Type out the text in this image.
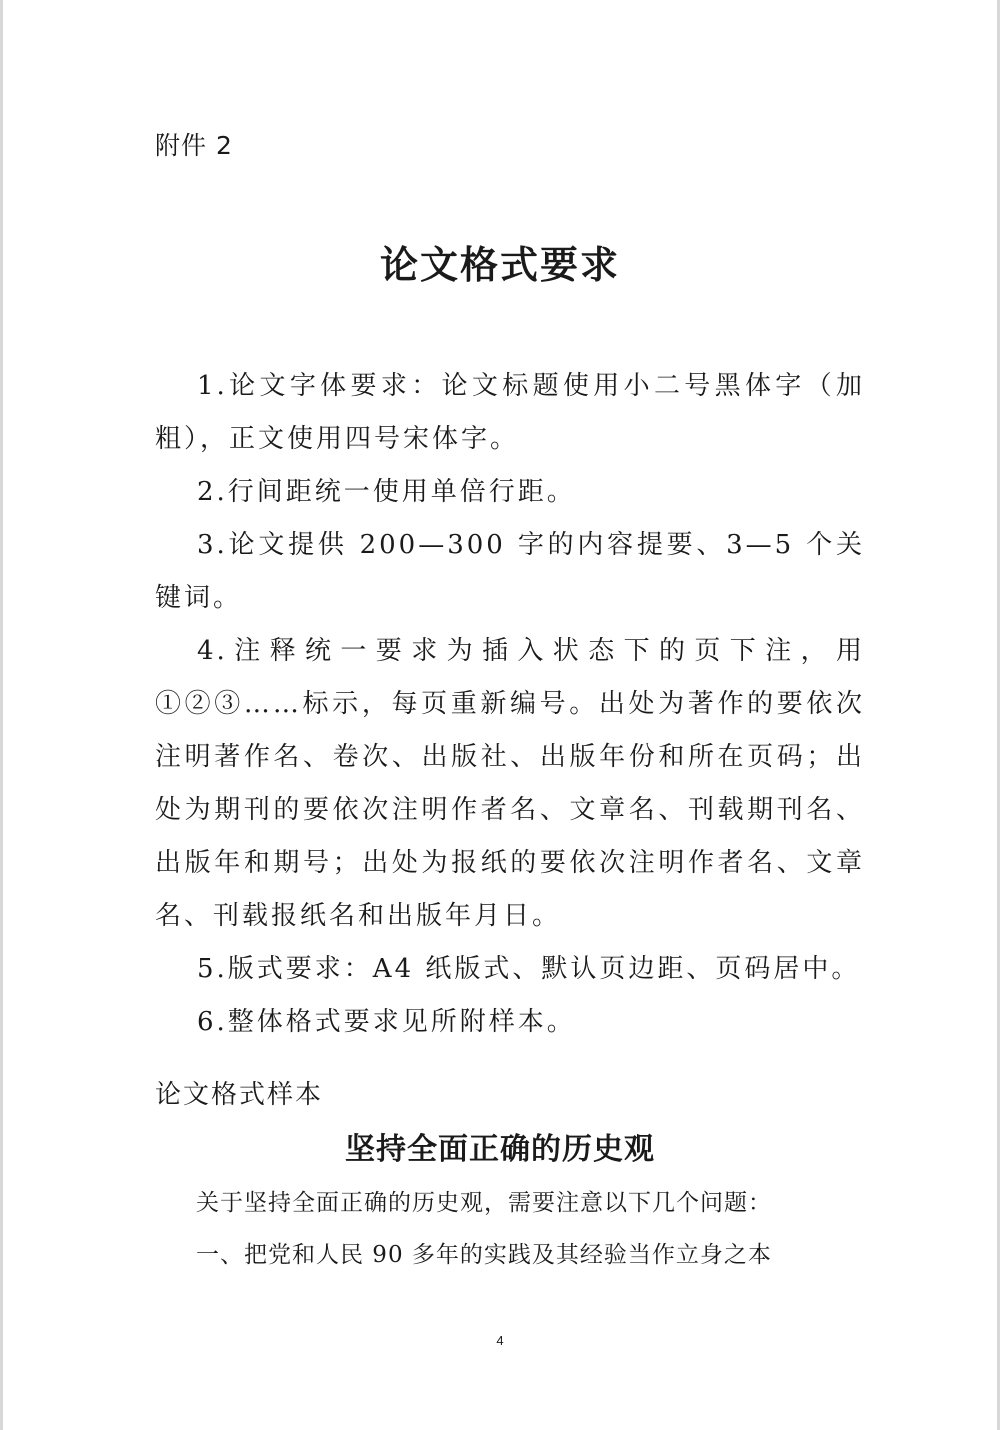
附件 2
论文格式要求

1.论文字体要求：论文标题使用小二号黑体字（加粗），正文使用四号宋体字。

2.行间距统一使用单倍行距。

3.论文提供 200—300 字的内容提要、3—5 个关键词。

4.注释统一要求为插入状态下的页下注，用①②③……标示，每页重新编号。出处为著作的要依次注明著作名、卷次、出版社、出版年份和所在页码；出处为期刊的要依次注明作者名、文章名、刊载期刊名、出版年和期号；出处为报纸的要依次注明作者名、文章名、刊载报纸名和出版年月日。

5.版式要求：A4 纸版式、默认页边距、页码居中。

6.整体格式要求见所附样本。

论文格式样本
坚持全面正确的历史观
关于坚持全面正确的历史观，需要注意以下几个问题：
一、把党和人民 90 多年的实践及其经验当作立身之本
4
